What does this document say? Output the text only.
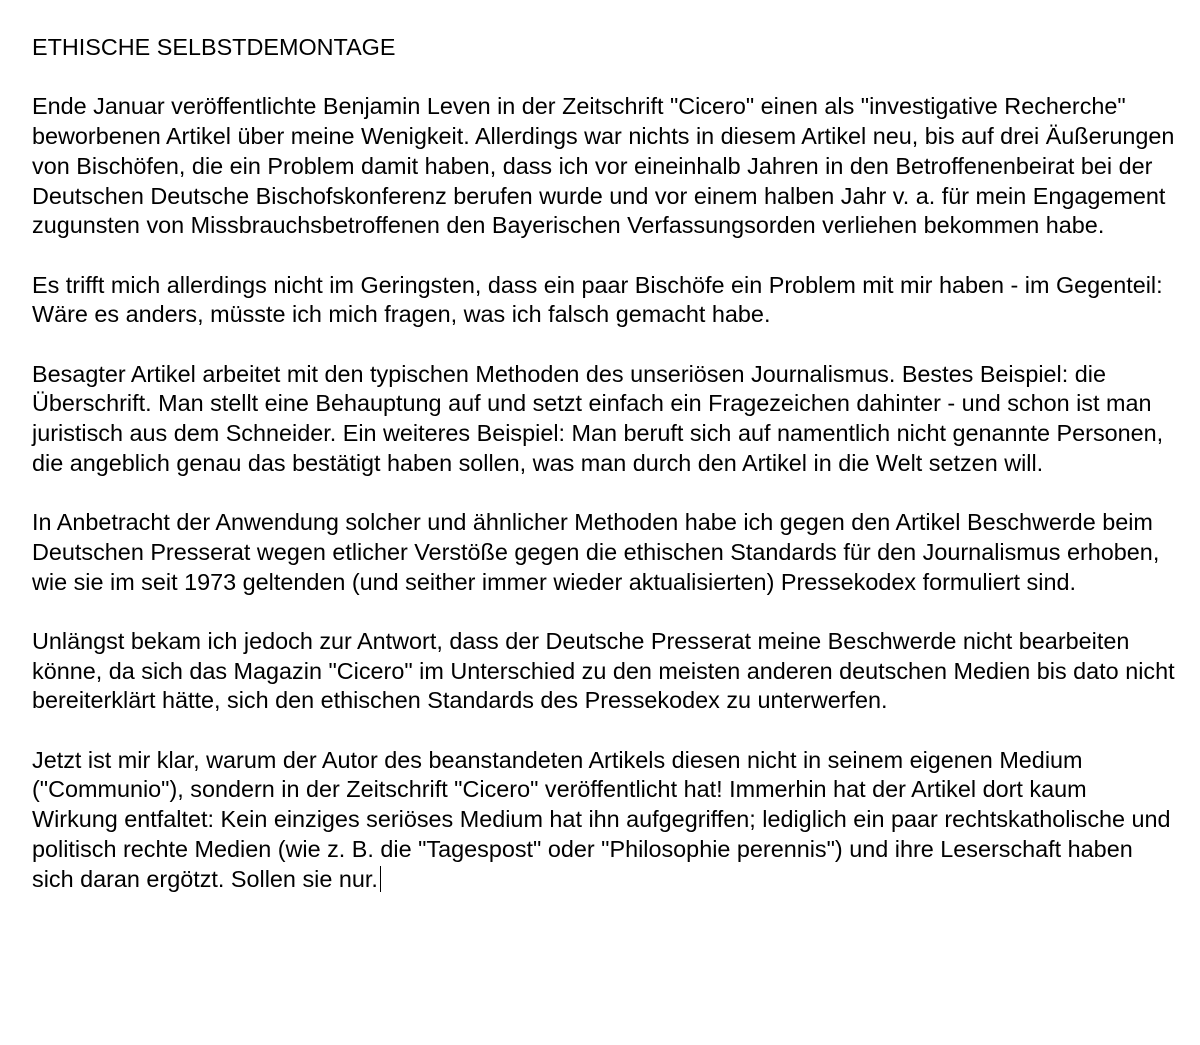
ETHISCHE SELBSTDEMONTAGE

Ende Januar veröffentlichte Benjamin Leven in der Zeitschrift "Cicero" einen als "investigative Recherche" beworbenen Artikel über meine Wenigkeit. Allerdings war nichts in diesem Artikel neu, bis auf drei Äußerungen von Bischöfen, die ein Problem damit haben, dass ich vor eineinhalb Jahren in den Betroffenenbeirat bei der Deutschen Deutsche Bischofskonferenz berufen wurde und vor einem halben Jahr v. a. für mein Engagement zugunsten von Missbrauchsbetroffenen den Bayerischen Verfassungsorden verliehen bekommen habe.

Es trifft mich allerdings nicht im Geringsten, dass ein paar Bischöfe ein Problem mit mir haben - im Gegenteil: Wäre es anders, müsste ich mich fragen, was ich falsch gemacht habe.

Besagter Artikel arbeitet mit den typischen Methoden des unseriösen Journalismus. Bestes Beispiel: die Überschrift. Man stellt eine Behauptung auf und setzt einfach ein Fragezeichen dahinter - und schon ist man juristisch aus dem Schneider. Ein weiteres Beispiel: Man beruft sich auf namentlich nicht genannte Personen, die angeblich genau das bestätigt haben sollen, was man durch den Artikel in die Welt setzen will.

In Anbetracht der Anwendung solcher und ähnlicher Methoden habe ich gegen den Artikel Beschwerde beim Deutschen Presserat wegen etlicher Verstöße gegen die ethischen Standards für den Journalismus erhoben, wie sie im seit 1973 geltenden (und seither immer wieder aktualisierten) Pressekodex formuliert sind.

Unlängst bekam ich jedoch zur Antwort, dass der Deutsche Presserat meine Beschwerde nicht bearbeiten könne, da sich das Magazin "Cicero" im Unterschied zu den meisten anderen deutschen Medien bis dato nicht bereiterklärt hätte, sich den ethischen Standards des Pressekodex zu unterwerfen.

Jetzt ist mir klar, warum der Autor des beanstandeten Artikels diesen nicht in seinem eigenen Medium ("Communio"), sondern in der Zeitschrift "Cicero" veröffentlicht hat! Immerhin hat der Artikel dort kaum Wirkung entfaltet: Kein einziges seriöses Medium hat ihn aufgegriffen; lediglich ein paar rechtskatholische und politisch rechte Medien (wie z. B. die "Tagespost" oder "Philosophie perennis") und ihre Leserschaft haben sich daran ergötzt. Sollen sie nur.
